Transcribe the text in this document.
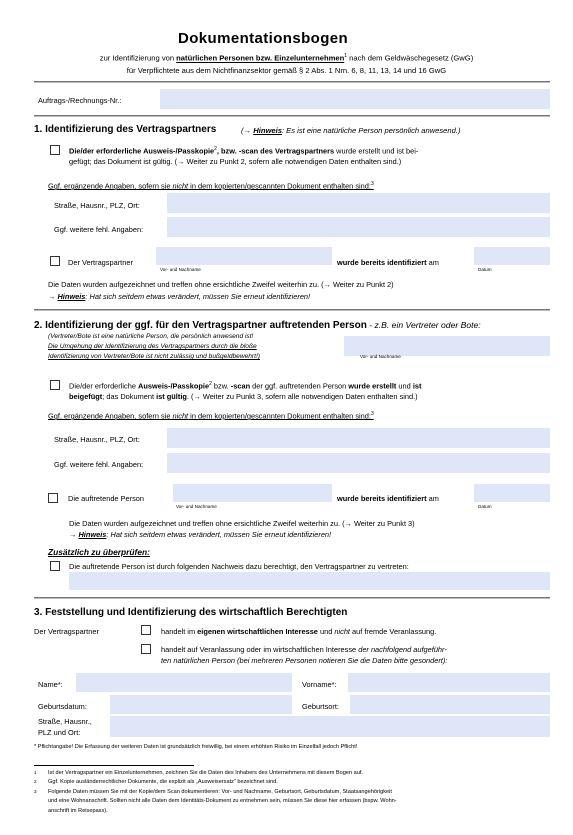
Dokumentationsbogen
zur Identifizierung von natürlichen Personen bzw. Einzelunternehmen$^1$ nach dem Geldwäschegesetz (GwG)
für Verpflichtete aus dem Nichtfinanzsektor gemäß § 2 Abs. 1 Nrn. 6, 8, 11, 13, 14 und 16 GwG
Auftrags-/Rechnungs-Nr.:
1. Identifizierung des Vertragspartners	(→ Hinweis: Es ist eine natürliche Person persönlich anwesend.)
Die/der erforderliche Ausweis-/Passkopie$^2$, bzw. -scan des Vertragspartners wurde erstellt und ist bei-
gefügt; das Dokument ist gültig. (→ Weiter zu Punkt 2, sofern alle notwendigen Daten enthalten sind.)
Ggf. ergänzende Angaben, sofern sie nicht in dem kopierten/gescannten Dokument enthalten sind:$^3$
Straße, Hausnr., PLZ, Ort:
Ggf. weitere fehl. Angaben:
Der Vertragspartner
Vor- und Nachname
wurde bereits identifiziert am
Datum
Die Daten wurden aufgezeichnet und treffen ohne ersichtliche Zweifel weiterhin zu. (→ Weiter zu Punkt 2)
→ Hinweis: Hat sich seitdem etwas verändert, müssen Sie erneut identifizieren!
2. Identifizierung der ggf. für den Vertragspartner auftretenden Person - z.B. ein Vertreter oder Bote:
(Vertreter/Bote ist eine natürliche Person, die persönlich anwesend ist!
Die Umgehung der Identifizierung des Vertragspartners durch die bloße
Identifizierung von Vertreter/Bote ist nicht zulässig und bußgeldbewehrt!)	Vor- und Nachname
Die/der erforderliche Ausweis-/Passkopie$^2$ bzw. -scan der ggf. auftretenden Person wurde erstellt und ist
beigefügt; das Dokument ist gültig. (→ Weiter zu Punkt 3, sofern alle notwendigen Daten enthalten sind.)
Ggf. ergänzende Angaben, sofern sie nicht in dem kopierten/gescannten Dokument enthalten sind:$^3$
Straße, Hausnr., PLZ, Ort:
Ggf. weitere fehl. Angaben:
Die auftretende Person
Vor- und Nachname
wurde bereits identifiziert am
Datum
Die Daten wurden aufgezeichnet und treffen ohne ersichtliche Zweifel weiterhin zu. (→ Weiter zu Punkt 3)
→ Hinweis: Hat sich seitdem etwas verändert, müssen Sie erneut identifizieren!
Zusätzlich zu überprüfen:
Die auftretende Person ist durch folgenden Nachweis dazu berechtigt, den Vertragspartner zu vertreten:
3. Feststellung und Identifizierung des wirtschaftlich Berechtigten
Der Vertragspartner	handelt im eigenen wirtschaftlichen Interesse und nicht auf fremde Veranlassung.
handelt auf Veranlassung oder im wirtschaftlichen Interesse der nachfolgend aufgeführ-
ten natürlichen Person (bei mehreren Personen notieren Sie die Daten bitte gesondert):
Name*:	Vorname*:
Geburtsdatum:	Geburtsort:
Straße, Hausnr.,
PLZ und Ort:
* Pflichtangabe! Die Erfassung der weiteren Daten ist grundsätzlich freiwillig, bei einem erhöhten Risiko im Einzelfall jedoch Pflicht!
1 Ist der Vertragspartner ein Einzelunternehmen, zeichnen Sie die Daten des Inhabers des Unternehmens mit diesem Bogen auf.
2 Ggf. Kopie ausländerrechtlicher Dokumente, die explizit als „Ausweisersatz“ bezeichnet sind.
3 Folgende Daten müssen Sie mit der Kopie/dem Scan dokumentieren: Vor- und Nachname, Geburtsort, Geburtsdatum, Staatsangehörigkeit
und eine Wohnanschrift. Sollten nicht alle Daten dem Identitäts-Dokument zu entnehmen sein, müssen Sie diese hier erfassen (bspw. Wohn-
anschrift im Reisepass).
